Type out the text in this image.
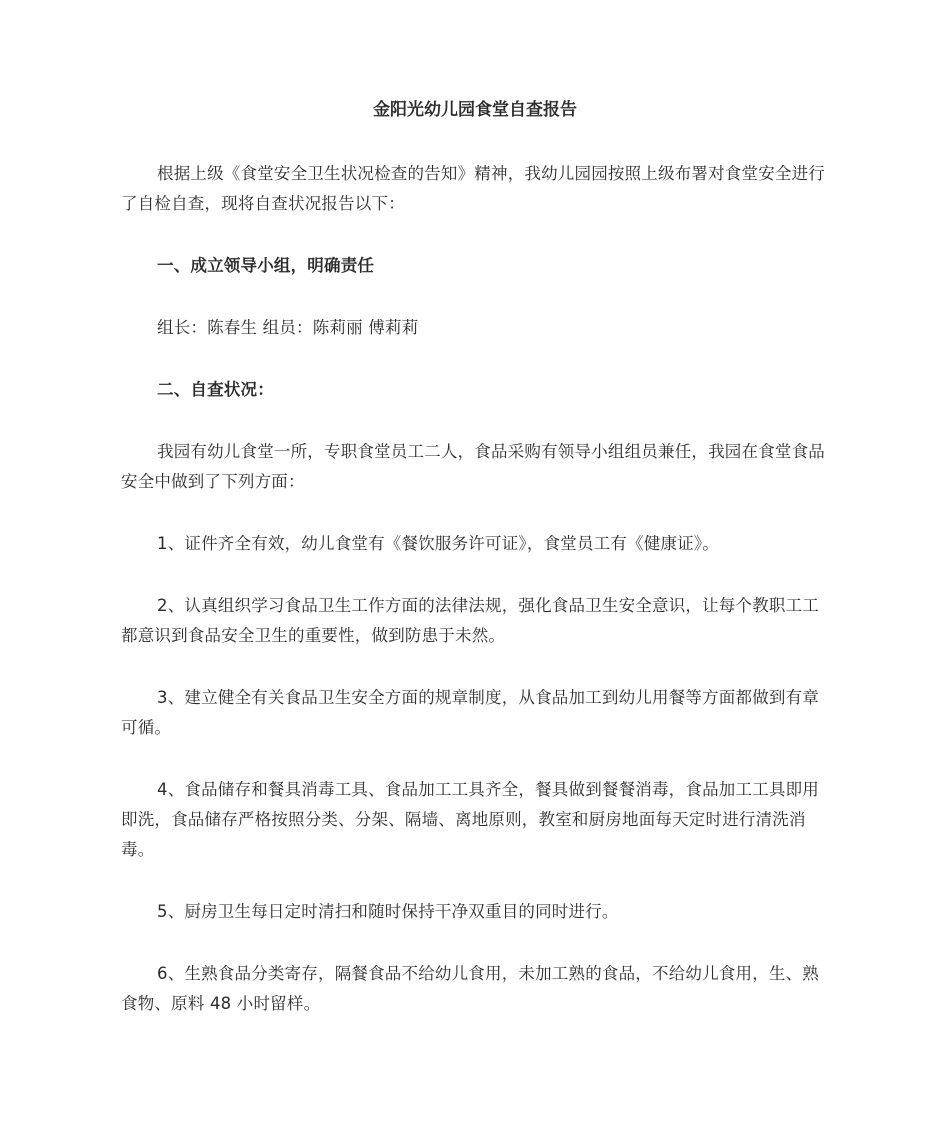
金阳光幼儿园食堂自查报告

根据上级《食堂安全卫生状况检查的告知》精神，我幼儿园园按照上级布署对食堂安全进行了自检自查，现将自查状况报告以下：

一、成立领导小组，明确责任

组长：陈春生 组员：陈莉丽 傅莉莉

二、自查状况：

我园有幼儿食堂一所，专职食堂员工二人，食品采购有领导小组组员兼任，我园在食堂食品安全中做到了下列方面：

1、证件齐全有效，幼儿食堂有《餐饮服务许可证》，食堂员工有《健康证》。

2、认真组织学习食品卫生工作方面的法律法规，强化食品卫生安全意识，让每个教职工工都意识到食品安全卫生的重要性，做到防患于未然。

3、建立健全有关食品卫生安全方面的规章制度，从食品加工到幼儿用餐等方面都做到有章可循。

4、食品储存和餐具消毒工具、食品加工工具齐全，餐具做到餐餐消毒，食品加工工具即用即洗，食品储存严格按照分类、分架、隔墙、离地原则，教室和厨房地面每天定时进行清洗消毒。

5、厨房卫生每日定时清扫和随时保持干净双重目的同时进行。

6、生熟食品分类寄存，隔餐食品不给幼儿食用，未加工熟的食品，不给幼儿食用，生、熟食物、原料 48 小时留样。
